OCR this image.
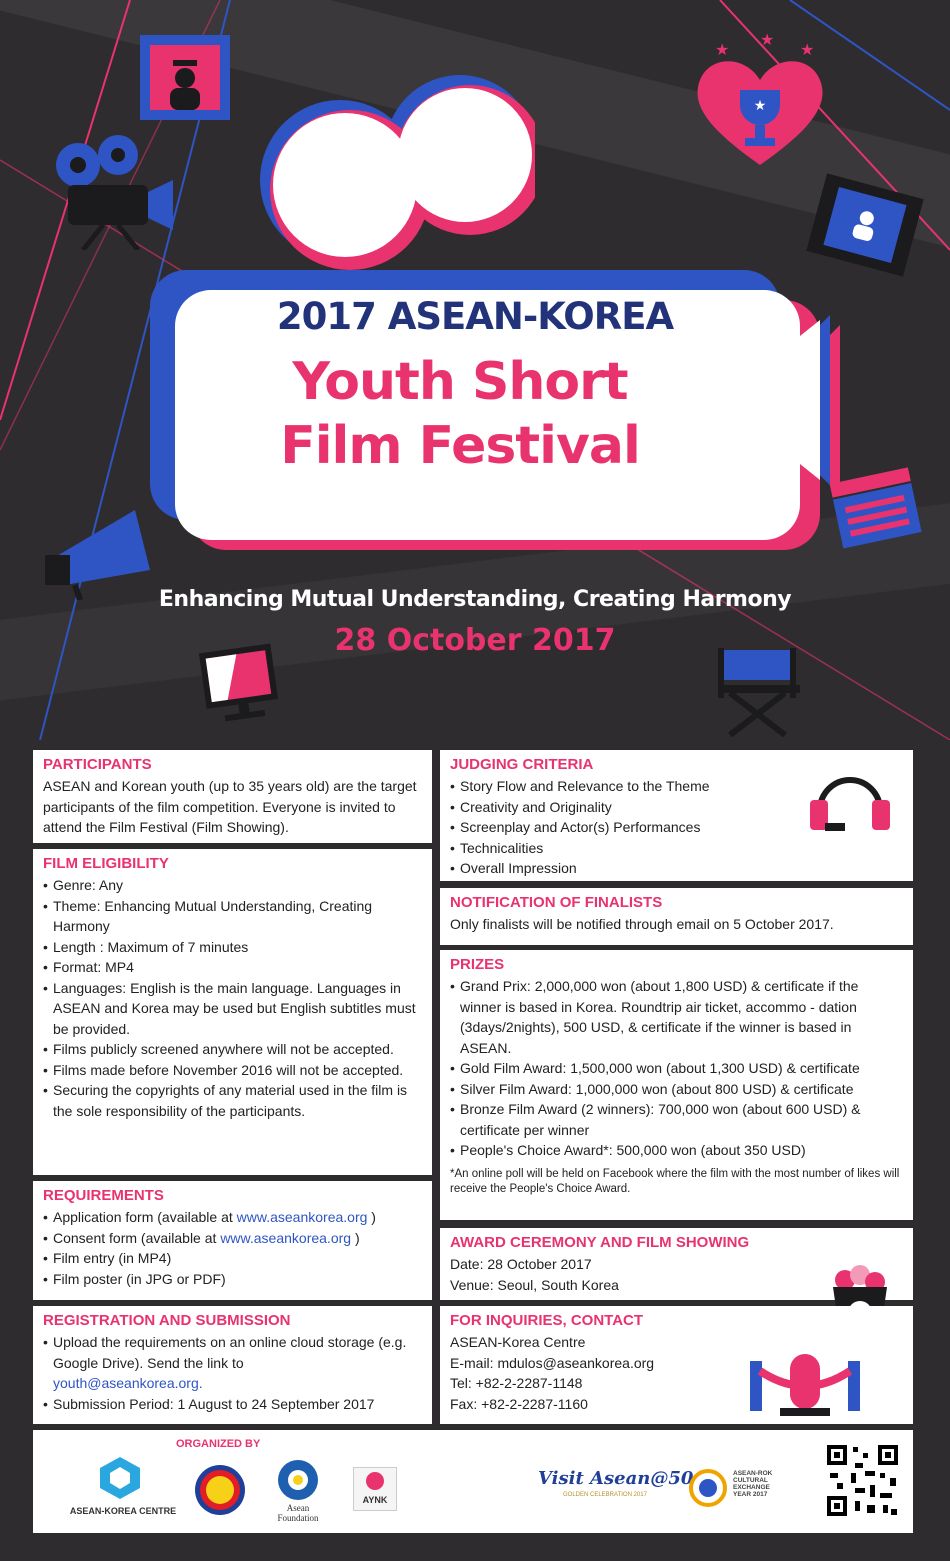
★
★
★
★
2017 ASEAN-KOREA
Youth Short
Film Festival
Enhancing Mutual Understanding, Creating Harmony
28 October 2017
PARTICIPANTS

ASEAN and Korean youth (up to 35 years old) are the target participants of the film competition. Everyone is invited to attend the Film Festival (Film Showing).

FILM ELIGIBILITY
• Genre: Any
• Theme: Enhancing Mutual Understanding, Creating Harmony
• Length : Maximum of 7 minutes
• Format: MP4
• Languages: English is the main language. Languages in ASEAN and Korea may be used but English subtitles must be provided.
• Films publicly screened anywhere will not be accepted.
• Films made before November 2016 will not be accepted.
• Securing the copyrights of any material used in the film is the sole responsibility of the participants.
REQUIREMENTS
• Application form (available at www.aseankorea.org )
• Consent form (available at www.aseankorea.org )
• Film entry (in MP4)
• Film poster (in JPG or PDF)
REGISTRATION AND SUBMISSION
• Upload the requirements on an online cloud storage (e.g. Google Drive). Send the link to
youth@aseankorea.org.
• Submission Period: 1 August to 24 September 2017
JUDGING CRITERIA
• Story Flow and Relevance to the Theme
• Creativity and Originality
• Screenplay and Actor(s) Performances
• Technicalities
• Overall Impression
NOTIFICATION OF FINALISTS

Only finalists will be notified through email on 5 October 2017.

PRIZES
• Grand Prix: 2,000,000 won (about 1,800 USD) & certificate if the winner is based in Korea. Roundtrip air ticket, accommo - dation (3days/2nights), 500 USD, & certificate if the winner is based in ASEAN.
• Gold Film Award: 1,500,000 won (about 1,300 USD) & certificate
• Silver Film Award: 1,000,000 won (about 800 USD) & certificate
• Bronze Film Award (2 winners): 700,000 won (about 600 USD) & certificate per winner
• People's Choice Award*: 500,000 won (about 350 USD)

*An online poll will be held on Facebook where the film with the most number of likes will receive the People's Choice Award.

AWARD CEREMONY AND FILM SHOWING

Date: 28 October 2017

Venue: Seoul, South Korea

FOR INQUIRIES, CONTACT

ASEAN-Korea Centre

E-mail: mdulos@aseankorea.org

Tel: +82-2-2287-1148

Fax: +82-2-2287-1160

ORGANIZED BY
ASEAN-KOREA CENTRE	Asean
Foundation
AYNK
Visit Asean@50
GOLDEN CELEBRATION 2017
ASEAN-ROK
CULTURAL
EXCHANGE
YEAR 2017
